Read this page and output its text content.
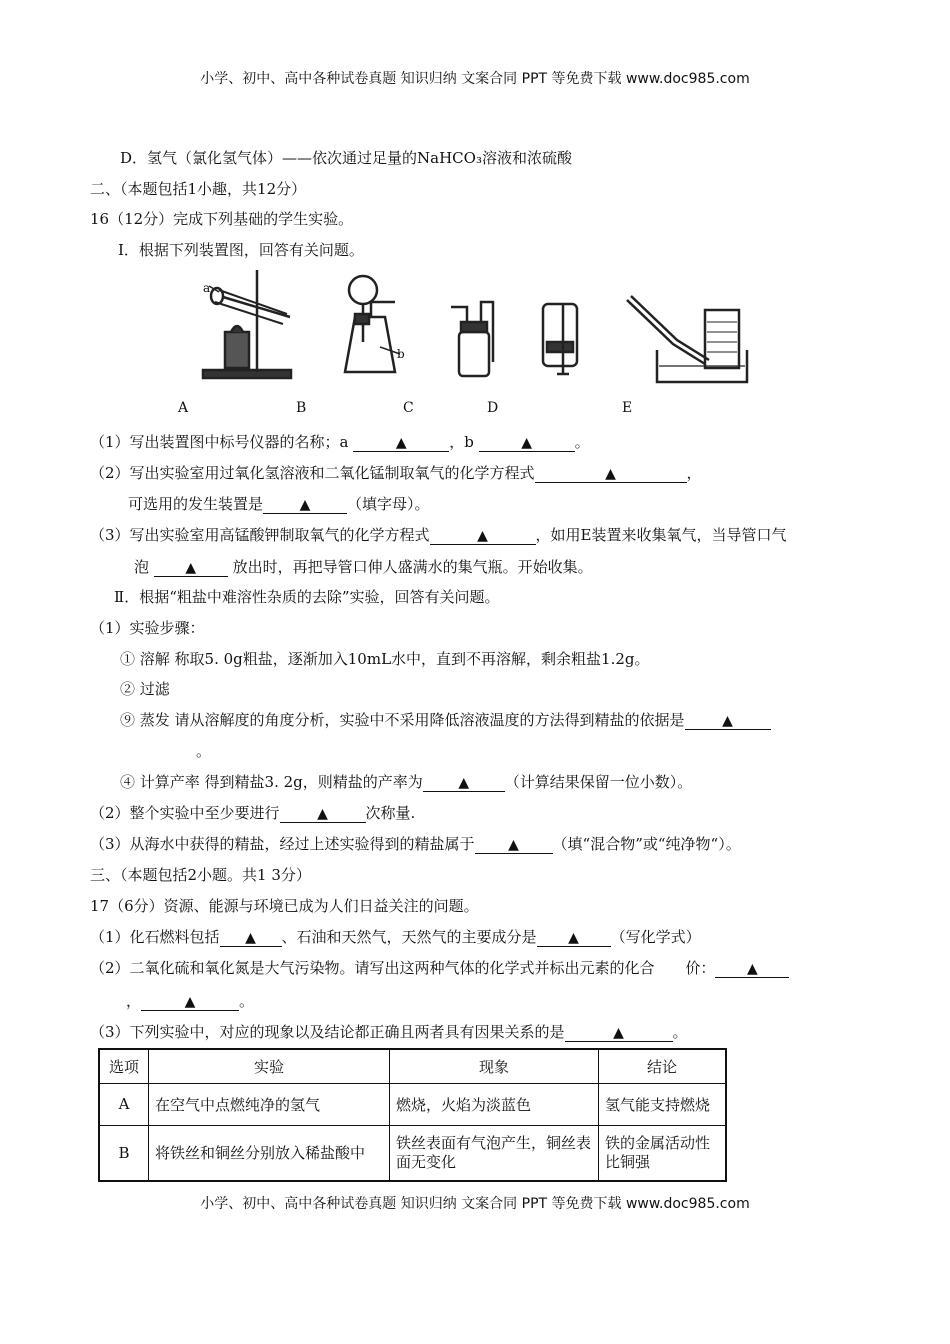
小学、初中、高中各种试卷真题 知识归纳 文案合同 PPT 等免费下载 www.doc985.com
D．氢气（氯化氢气体）——依次通过足量的NaHCO₃溶液和浓硫酸
二、（本题包括1小趣，共12分）
16（12分）完成下列基础的学生实验。
Ⅰ．根据下列装置图，回答有关问题。
a
b
A	B	C	D	E
（1）写出装置图中标号仪器的名称；a	▲	，b	▲	。
（2）写出实验室用过氧化氢溶液和二氧化锰制取氧气的化学方程式	▲	，
可选用的发生装置是	▲ （填字母）。
（3）写出实验室用高锰酸钾制取氧气的化学方程式	▲	，如用E装置来收集氧气，当导管口气
泡	▲ 放出时，再把导管口伸人盛满水的集气瓶。开始收集。
Ⅱ．根据“粗盐中难溶性杂质的去除”实验，回答有关问题。
（1）实验步骤：
① 溶解 称取5. 0g粗盐，逐渐加入10mL水中，直到不再溶解，剩余粗盐1.2g。
② 过滤
⑨ 蒸发 请从溶解度的角度分析，实验中不采用降低溶液温度的方法得到精盐的依据是	▲
。
④ 计算产率 得到精盐3. 2g，则精盐的产率为	▲ （计算结果保留一位小数）。
（2）整个实验中至少要进行	▲	次称量.
（3）从海水中获得的精盐，经过上述实验得到的精盐属于 ▲ （填“混合物”或“纯净物“）。
三、（本题包括2小题。共1 3分）
17（6分）资源、能源与环境已成为人们日益关注的问题。
（1）化石燃料包括 ▲ 、石油和天然气，天然气的主要成分是 ▲ （写化学式）
（2）二氧化硫和氧化氮是大气污染物。请写出这两种气体的化学式并标出元素的化合 价： ▲
，	▲	。
（3）下列实验中，对应的现象以及结论都正确且两者具有因果关系的是	▲	。
选项	实验	现象	结论
A	在空气中点燃纯净的氢气	燃烧，火焰为淡蓝色	氢气能支持燃烧
B	将铁丝和铜丝分别放入稀盐酸中	铁丝表面有气泡产生，铜丝表面无变化	铁的金属活动性比铜强
小学、初中、高中各种试卷真题 知识归纳 文案合同 PPT 等免费下载 www.doc985.com
